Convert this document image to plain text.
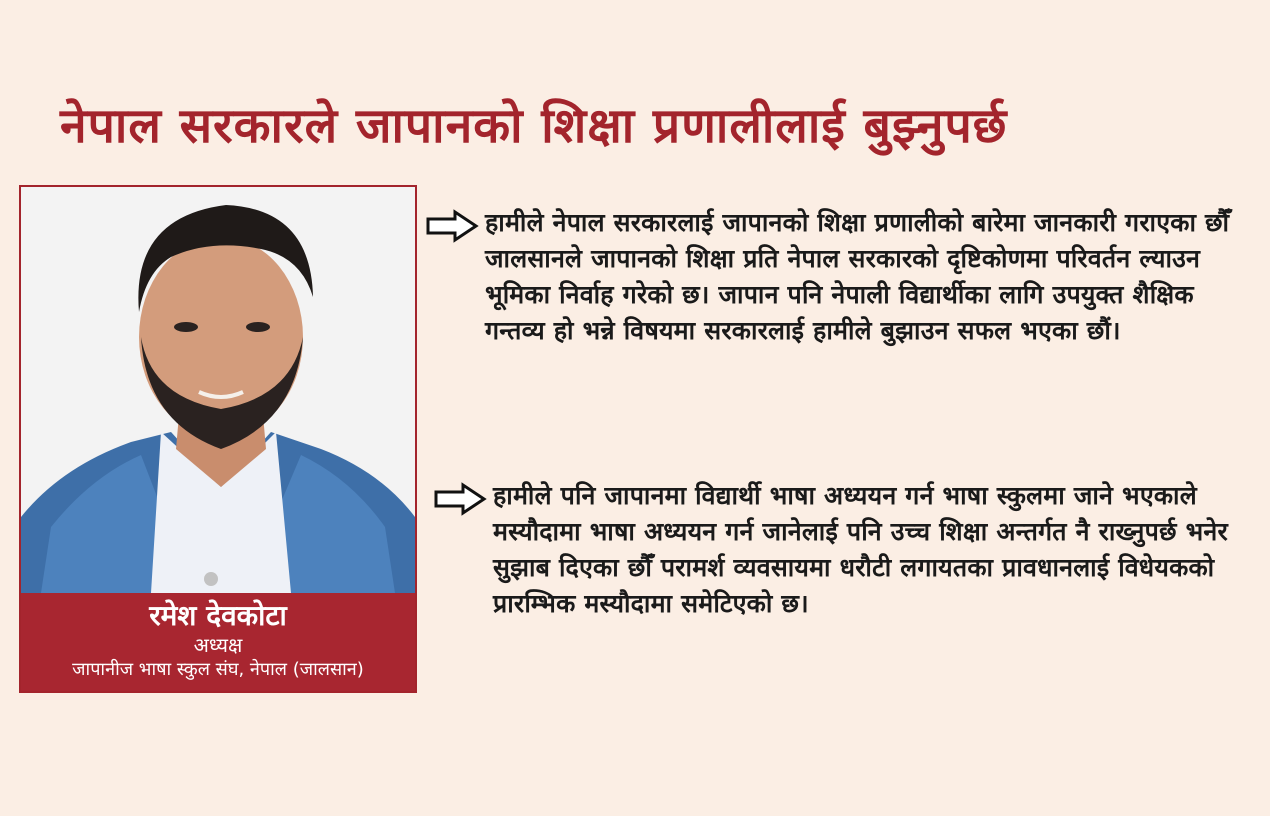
नेपाल सरकारले जापानको शिक्षा प्रणालीलाई बुझ्नुपर्छ
रमेश देवकोटा
अध्यक्ष
जापानीज भाषा स्कुल संघ, नेपाल (जालसान)
हामीले नेपाल सरकारलाई जापानको शिक्षा प्रणालीको बारेमा जानकारी गराएका छौँ जालसानले जापानको शिक्षा प्रति नेपाल सरकारको दृष्टिकोणमा परिवर्तन ल्याउन भूमिका निर्वाह गरेको छ। जापान पनि नेपाली विद्यार्थीका लागि उपयुक्त शैक्षिक गन्तव्य हो भन्ने विषयमा सरकारलाई हामीले बुझाउन सफल भएका छौं।
हामीले पनि जापानमा विद्यार्थी भाषा अध्ययन गर्न भाषा स्कुलमा जाने भएकाले मस्यौदामा भाषा अध्ययन गर्न जानेलाई पनि उच्च शिक्षा अन्तर्गत नै राख्नुपर्छ भनेर सुझाब दिएका छौँ परामर्श व्यवसायमा धरौटी लगायतका प्रावधानलाई विधेयकको प्रारम्भिक मस्यौदामा समेटिएको छ।
